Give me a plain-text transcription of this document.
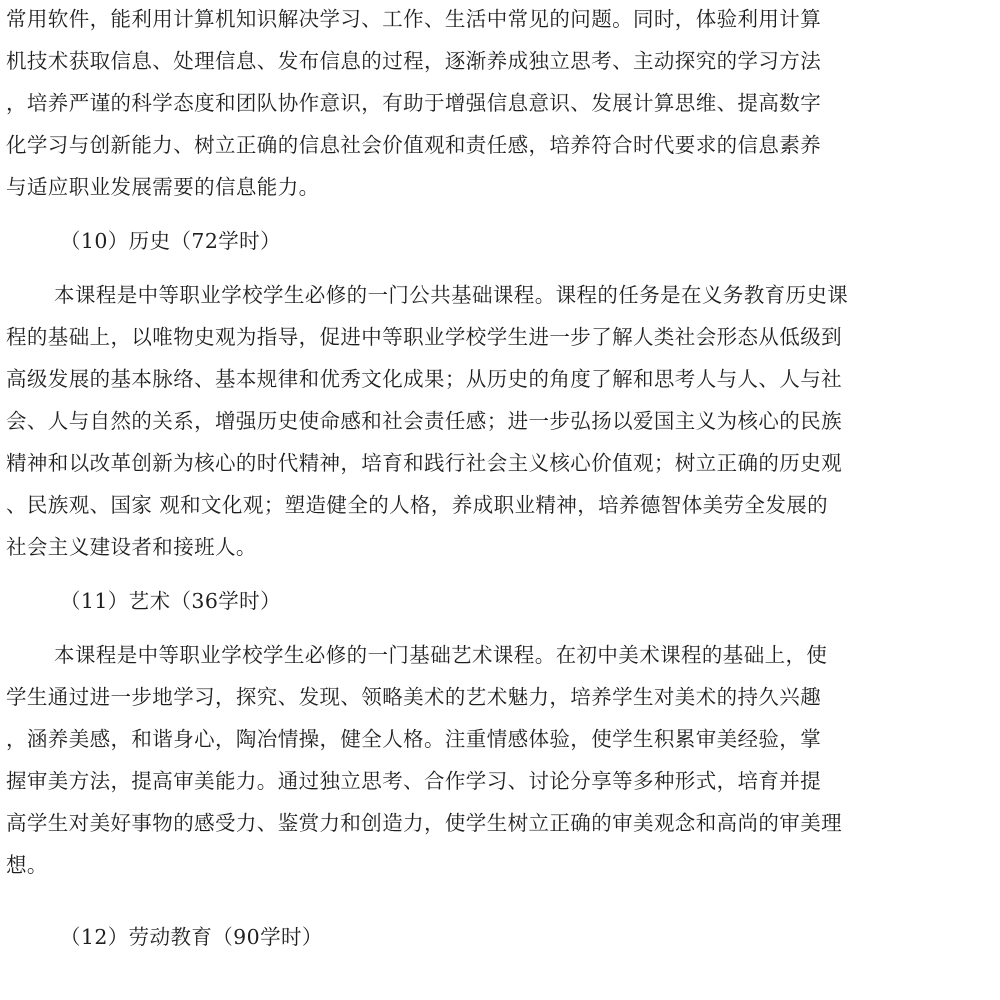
常用软件，能利用计算机知识解决学习、工作、生活中常见的问题。同时，体验利用计算
机技术获取信息、处理信息、发布信息的过程，逐渐养成独立思考、主动探究的学习方法
，培养严谨的科学态度和团队协作意识，有助于增强信息意识、发展计算思维、提高数字
化学习与创新能力、树立正确的信息社会价值观和责任感，培养符合时代要求的信息素养
与适应职业发展需要的信息能力。
（10）历史（72学时）
本课程是中等职业学校学生必修的一门公共基础课程。课程的任务是在义务教育历史课
程的基础上，以唯物史观为指导，促进中等职业学校学生进一步了解人类社会形态从低级到
高级发展的基本脉络、基本规律和优秀文化成果；从历史的角度了解和思考人与人、人与社
会、人与自然的关系，增强历史使命感和社会责任感；进一步弘扬以爱国主义为核心的民族
精神和以改革创新为核心的时代精神，培育和践行社会主义核心价值观；树立正确的历史观
、民族观、国家 观和文化观；塑造健全的人格，养成职业精神，培养德智体美劳全发展的
社会主义建设者和接班人。
（11）艺术（36学时）
本课程是中等职业学校学生必修的一门基础艺术课程。在初中美术课程的基础上，使
学生通过进一步地学习，探究、发现、领略美术的艺术魅力，培养学生对美术的持久兴趣
，涵养美感，和谐身心，陶冶情操，健全人格。注重情感体验，使学生积累审美经验，掌
握审美方法，提高审美能力。通过独立思考、合作学习、讨论分享等多种形式，培育并提
高学生对美好事物的感受力、鉴赏力和创造力，使学生树立正确的审美观念和高尚的审美理
想。
（12）劳动教育（90学时）
